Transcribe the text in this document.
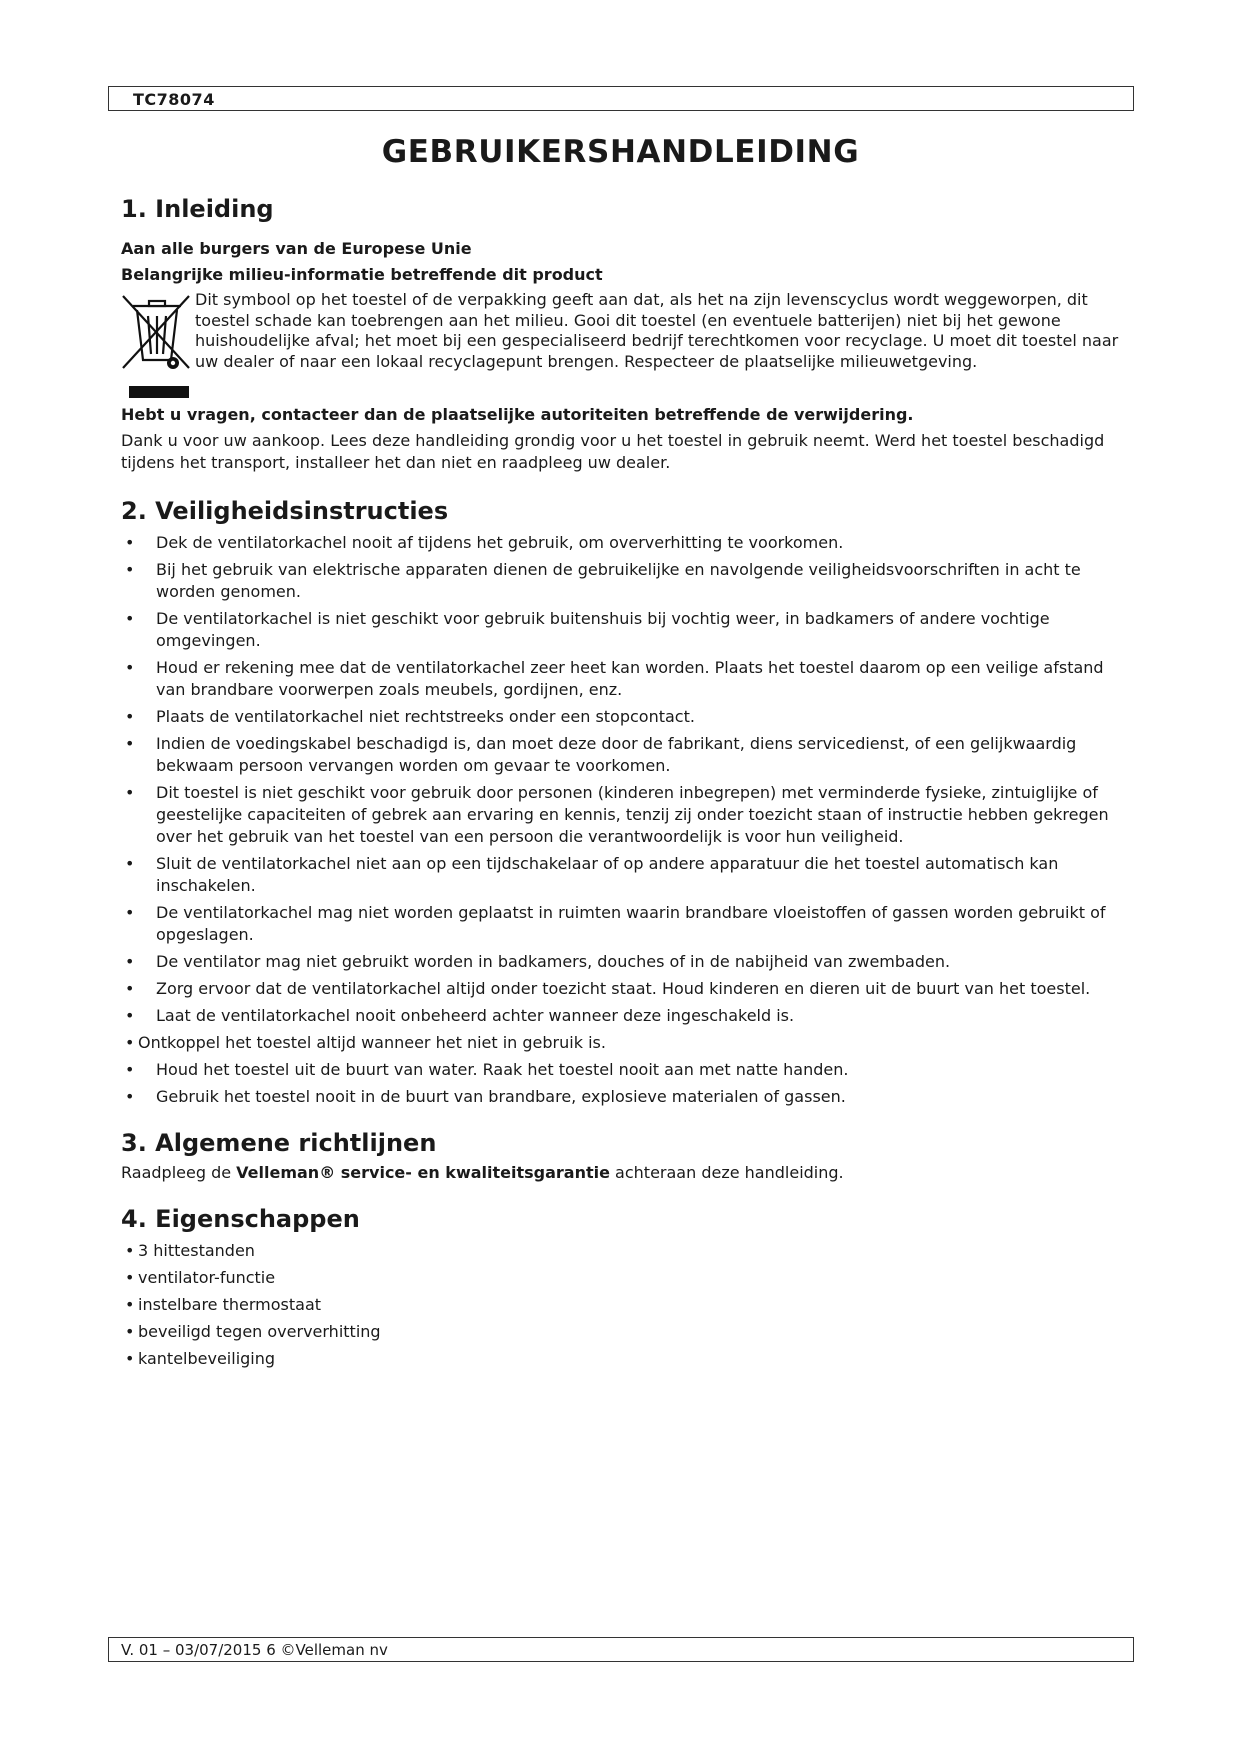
TC78074
GEBRUIKERSHANDLEIDING
1. Inleiding

Aan alle burgers van de Europese Unie

Belangrijke milieu-informatie betreffende dit product

Dit symbool op het toestel of de verpakking geeft aan dat, als het na zijn levenscyclus wordt weggeworpen, dit toestel schade kan toebrengen aan het milieu. Gooi dit toestel (en eventuele batterijen) niet bij het gewone huishoudelijke afval; het moet bij een gespecialiseerd bedrijf terechtkomen voor recyclage. U moet dit toestel naar uw dealer of naar een lokaal recyclagepunt brengen. Respecteer de plaatselijke milieuwetgeving.

Hebt u vragen, contacteer dan de plaatselijke autoriteiten betreffende de verwijdering.

Dank u voor uw aankoop. Lees deze handleiding grondig voor u het toestel in gebruik neemt. Werd het toestel beschadigd tijdens het transport, installeer het dan niet en raadpleeg uw dealer.

2. Veiligheidsinstructies
• Dek de ventilatorkachel nooit af tijdens het gebruik, om oververhitting te voorkomen.
• Bij het gebruik van elektrische apparaten dienen de gebruikelijke en navolgende veiligheidsvoorschriften in acht te worden genomen.
• De ventilatorkachel is niet geschikt voor gebruik buitenshuis bij vochtig weer, in badkamers of andere vochtige omgevingen.
• Houd er rekening mee dat de ventilatorkachel zeer heet kan worden. Plaats het toestel daarom op een veilige afstand van brandbare voorwerpen zoals meubels, gordijnen, enz.
• Plaats de ventilatorkachel niet rechtstreeks onder een stopcontact.
• Indien de voedingskabel beschadigd is, dan moet deze door de fabrikant, diens servicedienst, of een gelijkwaardig bekwaam persoon vervangen worden om gevaar te voorkomen.
• Dit toestel is niet geschikt voor gebruik door personen (kinderen inbegrepen) met verminderde fysieke, zintuiglijke of geestelijke capaciteiten of gebrek aan ervaring en kennis, tenzij zij onder toezicht staan of instructie hebben gekregen over het gebruik van het toestel van een persoon die verantwoordelijk is voor hun veiligheid.
• Sluit de ventilatorkachel niet aan op een tijdschakelaar of op andere apparatuur die het toestel automatisch kan inschakelen.
• De ventilatorkachel mag niet worden geplaatst in ruimten waarin brandbare vloeistoffen of gassen worden gebruikt of opgeslagen.
• De ventilator mag niet gebruikt worden in badkamers, douches of in de nabijheid van zwembaden.
• Zorg ervoor dat de ventilatorkachel altijd onder toezicht staat. Houd kinderen en dieren uit de buurt van het toestel.
• Laat de ventilatorkachel nooit onbeheerd achter wanneer deze ingeschakeld is.
• Ontkoppel het toestel altijd wanneer het niet in gebruik is.
• Houd het toestel uit de buurt van water. Raak het toestel nooit aan met natte handen.
• Gebruik het toestel nooit in de buurt van brandbare, explosieve materialen of gassen.
3. Algemene richtlijnen

Raadpleeg de Velleman® service- en kwaliteitsgarantie achteraan deze handleiding.

4. Eigenschappen
• 3 hittestanden
• ventilator-functie
• instelbare thermostaat
• beveiligd tegen oververhitting
• kantelbeveiliging
V. 01 – 03/07/2015 6 ©Velleman nv
